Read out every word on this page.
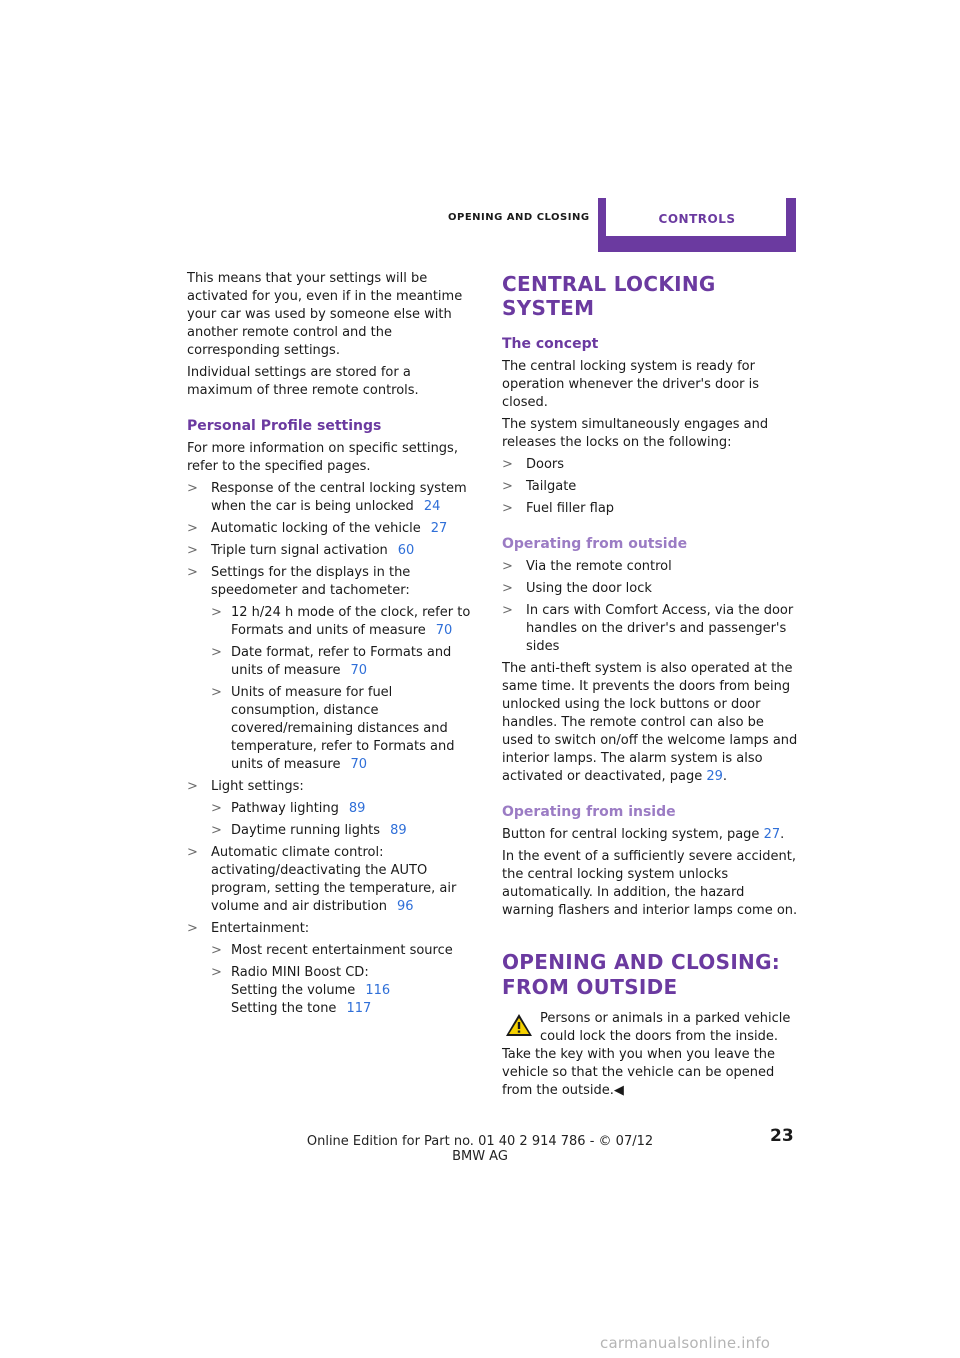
OPENING AND CLOSING	CONTROLS

This means that your settings will be activated for you, even if in the meantime your car was used by someone else with another remote control and the corresponding settings.

Individual settings are stored for a maximum of three remote controls.

Personal Profile settings

For more information on specific settings, refer to the specified pages.

> Response of the central locking system when the car is being unlocked 24
> Automatic locking of the vehicle 27
> Triple turn signal activation 60
> Settings for the displays in the speedometer and tachometer:
> 12 h/24 h mode of the clock, refer to Formats and units of measure 70
> Date format, refer to Formats and units of measure 70
> Units of measure for fuel consumption, distance covered/remaining distances and temperature, refer to Formats and units of measure 70
> Light settings:
> Pathway lighting 89
> Daytime running lights 89
> Automatic climate control: activating/deactivating the AUTO program, setting the temperature, air volume and air distribution 96
> Entertainment:
> Most recent entertainment source
> Radio MINI Boost CD:
Setting the volume 116
Setting the tone 117
CENTRAL LOCKING SYSTEM
The concept

The central locking system is ready for operation whenever the driver's door is closed.

The system simultaneously engages and releases the locks on the following:

> Doors
> Tailgate
> Fuel filler flap
Operating from outside
> Via the remote control
> Using the door lock
> In cars with Comfort Access, via the door handles on the driver's and passenger's sides

The anti-theft system is also operated at the same time. It prevents the doors from being unlocked using the lock buttons or door handles. The remote control can also be used to switch on/off the welcome lamps and interior lamps. The alarm system is also activated or deactivated, page 29.

Operating from inside

Button for central locking system, page 27.

In the event of a sufficiently severe accident, the central locking system unlocks automatically. In addition, the hazard warning flashers and interior lamps come on.

OPENING AND CLOSING:
FROM OUTSIDE
Persons or animals in a parked vehicle could lock the doors from the inside. Take the key with you when you leave the vehicle so that the vehicle can be opened from the outside.◀
Online Edition for Part no. 01 40 2 914 786 - © 07/12 BMW AG
23
carmanualsonline.info
